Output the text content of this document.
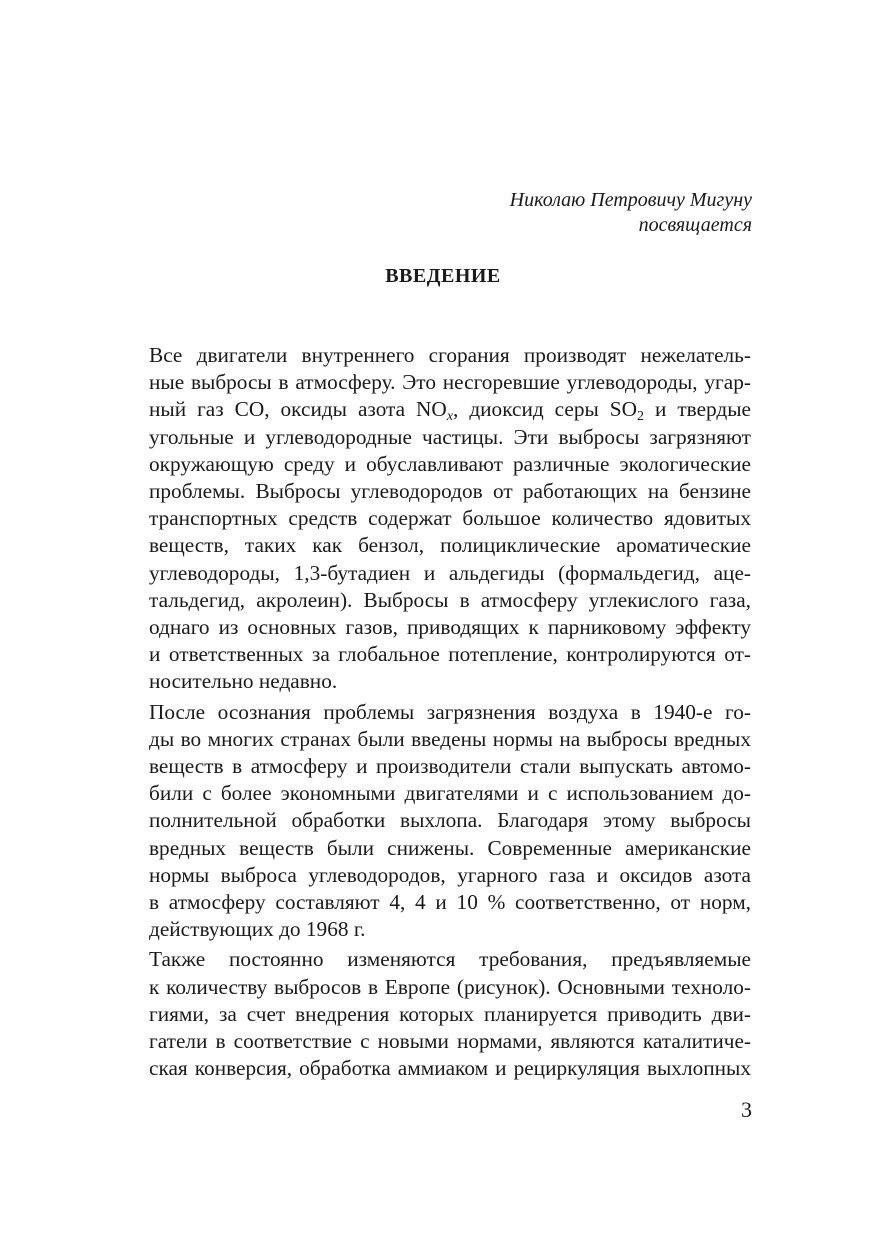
Николаю Петровичу Мигуну
посвящается
ВВЕДЕНИЕ
Все двигатели внутреннего сгорания производят нежелатель-
ные выбросы в атмосферу. Это несгоревшие углеводороды, угар-
ный газ CO, оксиды азота $NO_x$, диоксид серы $SO_2$ и твердые
угольные и углеводородные частицы. Эти выбросы загрязняют
окружающую среду и обуславливают различные экологические
проблемы. Выбросы углеводородов от работающих на бензине
транспортных средств содержат большое количество ядовитых
веществ, таких как бензол, полициклические ароматические
углеводороды, 1,3-бутадиен и альдегиды (формальдегид, аце-
тальдегид, акролеин). Выбросы в атмосферу углекислого газа,
однаго из основных газов, приводящих к парниковому эффекту
и ответственных за глобальное потепление, контролируются от-
носительно недавно.
После осознания проблемы загрязнения воздуха в 1940-е го-
ды во многих странах были введены нормы на выбросы вредных
веществ в атмосферу и производители стали выпускать автомо-
били с более экономными двигателями и с использованием до-
полнительной обработки выхлопа. Благодаря этому выбросы
вредных веществ были снижены. Современные американские
нормы выброса углеводородов, угарного газа и оксидов азота
в атмосферу составляют 4, 4 и 10 % соответственно, от норм,
действующих до 1968 г.
Также постоянно изменяются требования, предъявляемые
к количеству выбросов в Европе (рисунок). Основными техноло-
гиями, за счет внедрения которых планируется приводить дви-
гатели в соответствие с новыми нормами, являются каталитиче-
ская конверсия, обработка аммиаком и рециркуляция выхлопных
3
